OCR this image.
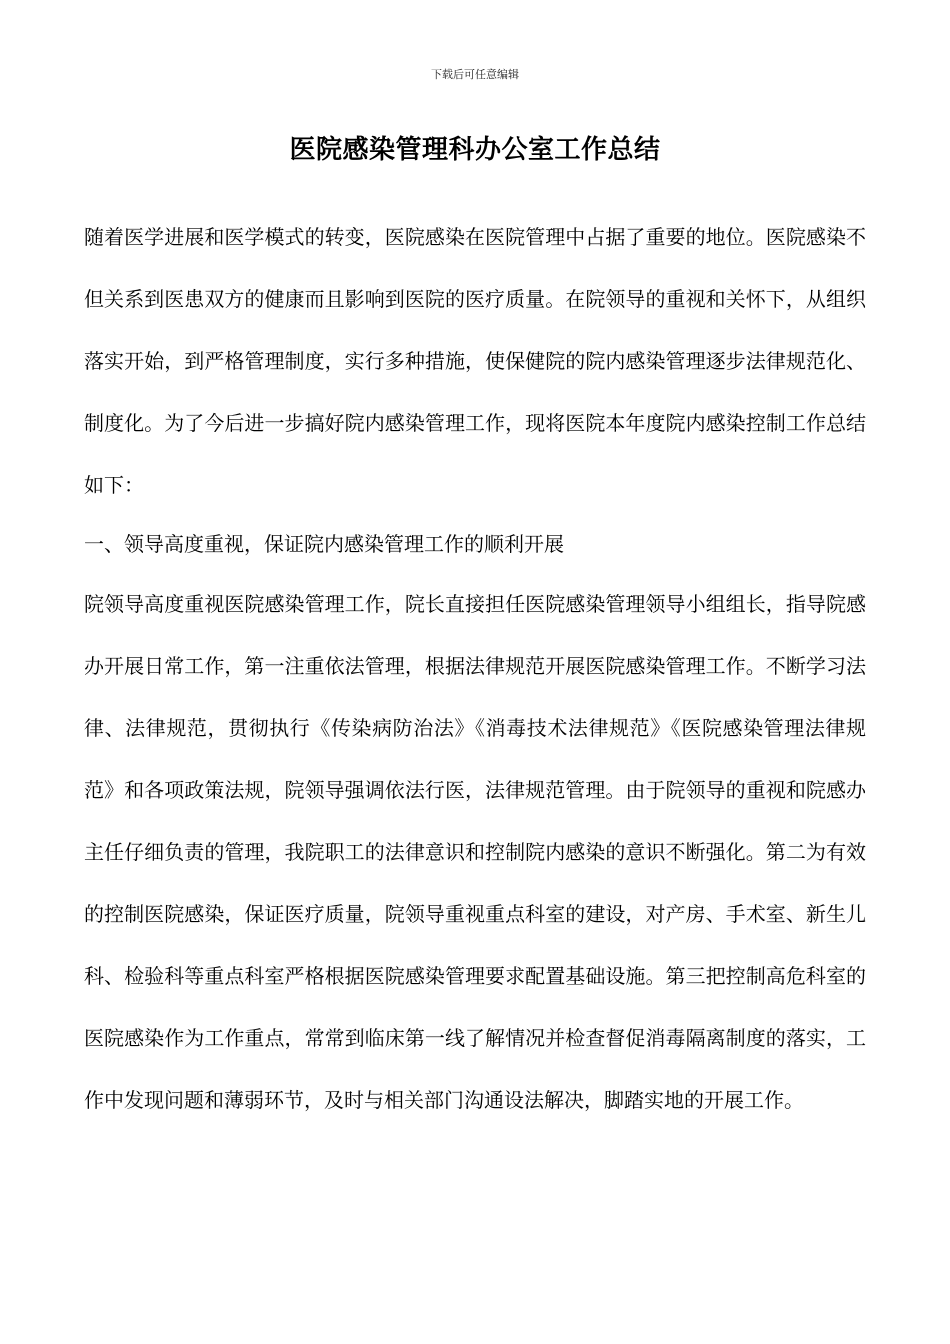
下载后可任意编辑
医院感染管理科办公室工作总结

随着医学进展和医学模式的转变，医院感染在医院管理中占据了重要的地位。医院感染不但关系到医患双方的健康而且影响到医院的医疗质量。在院领导的重视和关怀下，从组织落实开始，到严格管理制度，实行多种措施，使保健院的院内感染管理逐步法律规范化、制度化。为了今后进一步搞好院内感染管理工作，现将医院本年度院内感染控制工作总结如下：

一、领导高度重视，保证院内感染管理工作的顺利开展

院领导高度重视医院感染管理工作，院长直接担任医院感染管理领导小组组长，指导院感办开展日常工作，第一注重依法管理，根据法律规范开展医院感染管理工作。不断学习法律、法律规范，贯彻执行《传染病防治法》《消毒技术法律规范》《医院感染管理法律规范》和各项政策法规，院领导强调依法行医，法律规范管理。由于院领导的重视和院感办主任仔细负责的管理，我院职工的法律意识和控制院内感染的意识不断强化。第二为有效的控制医院感染，保证医疗质量，院领导重视重点科室的建设，对产房、手术室、新生儿科、检验科等重点科室严格根据医院感染管理要求配置基础设施。第三把控制高危科室的医院感染作为工作重点，常常到临床第一线了解情况并检查督促消毒隔离制度的落实，工作中发现问题和薄弱环节，及时与相关部门沟通设法解决，脚踏实地的开展工作。
